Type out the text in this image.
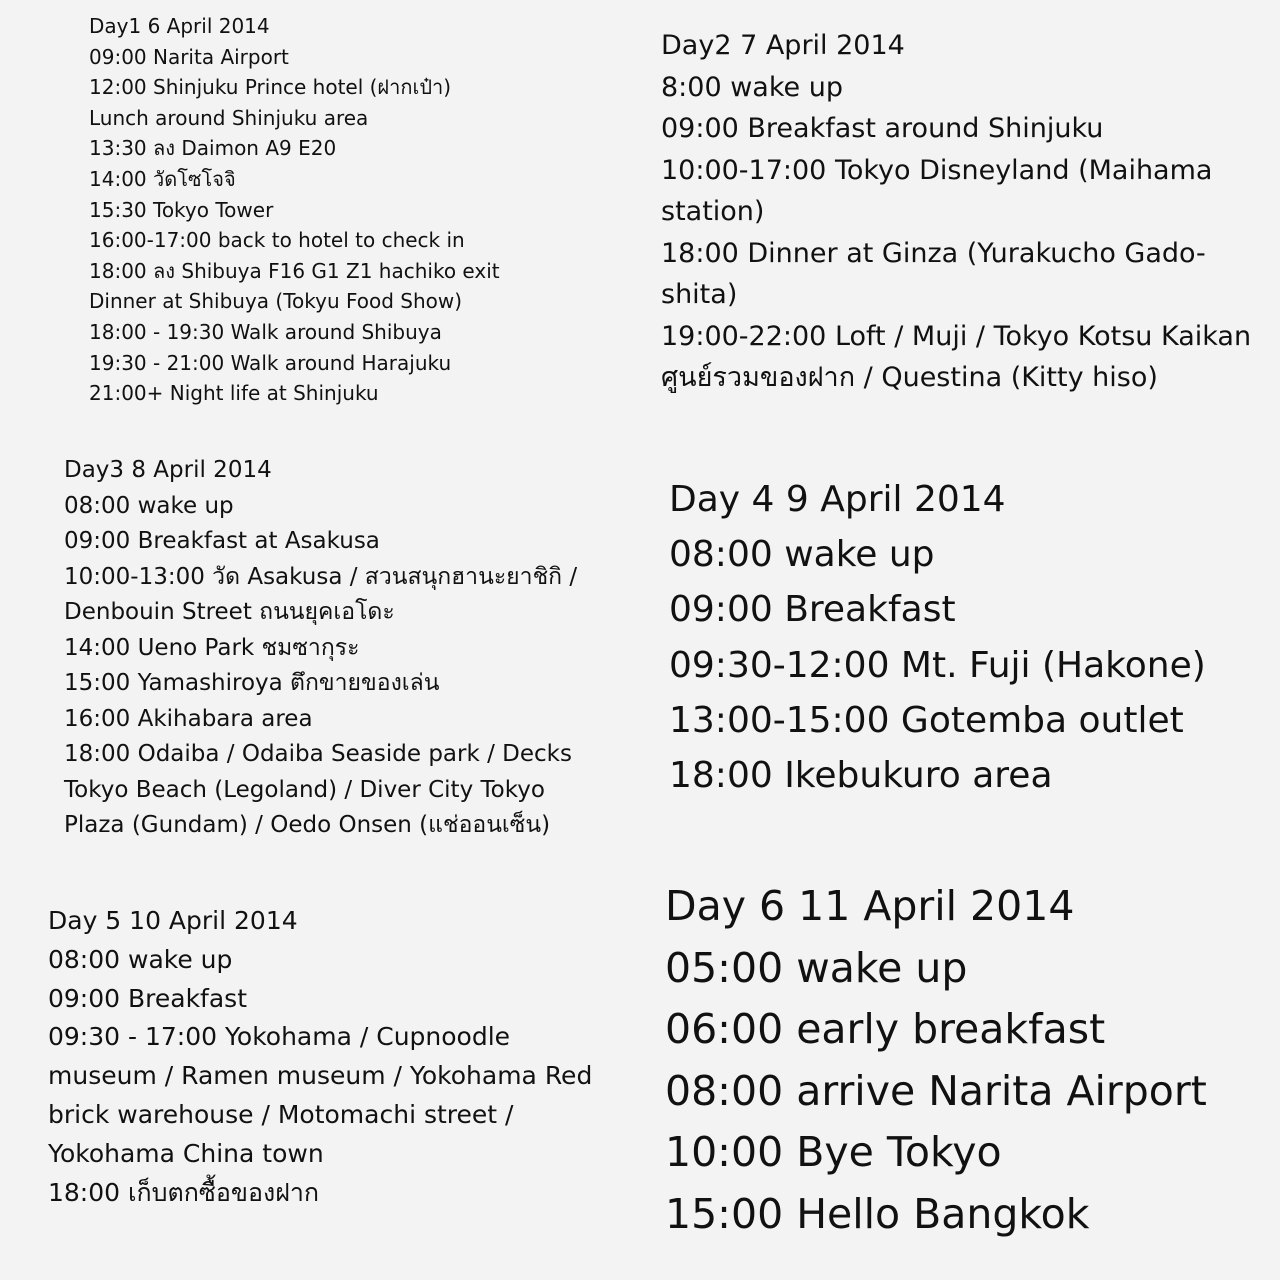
Day1 6 April 2014
09:00 Narita Airport
12:00 Shinjuku Prince hotel (ฝากเป๋า)
Lunch around Shinjuku area
13:30 ลง Daimon A9 E20
14:00 วัดโซโจจิ
15:30 Tokyo Tower
16:00-17:00 back to hotel to check in
18:00 ลง Shibuya F16 G1 Z1 hachiko exit
Dinner at Shibuya (Tokyu Food Show)
18:00 - 19:30 Walk around Shibuya
19:30 - 21:00 Walk around Harajuku
21:00+ Night life at Shinjuku
Day2 7 April 2014
8:00 wake up
09:00 Breakfast around Shinjuku
10:00-17:00 Tokyo Disneyland (Maihama
station)
18:00 Dinner at Ginza (Yurakucho Gado-
shita)
19:00-22:00 Loft / Muji / Tokyo Kotsu Kaikan
ศูนย์รวมของฝาก / Questina (Kitty hiso)
Day3 8 April 2014
08:00 wake up
09:00 Breakfast at Asakusa
10:00-13:00 วัด Asakusa / สวนสนุกฮานะยาชิกิ /
Denbouin Street ถนนยุคเอโดะ
14:00 Ueno Park ชมซากุระ
15:00 Yamashiroya ตึกขายของเล่น
16:00 Akihabara area
18:00 Odaiba / Odaiba Seaside park / Decks
Tokyo Beach (Legoland) / Diver City Tokyo
Plaza (Gundam) / Oedo Onsen (แช่ออนเซ็น)
Day 4 9 April 2014
08:00 wake up
09:00 Breakfast
09:30-12:00 Mt. Fuji (Hakone)
13:00-15:00 Gotemba outlet
18:00 Ikebukuro area
Day 5 10 April 2014
08:00 wake up
09:00 Breakfast
09:30 - 17:00 Yokohama / Cupnoodle
museum / Ramen museum / Yokohama Red
brick warehouse / Motomachi street /
Yokohama China town
18:00 เก็บตกซื้อของฝาก
Day 6 11 April 2014
05:00 wake up
06:00 early breakfast
08:00 arrive Narita Airport
10:00 Bye Tokyo
15:00 Hello Bangkok
